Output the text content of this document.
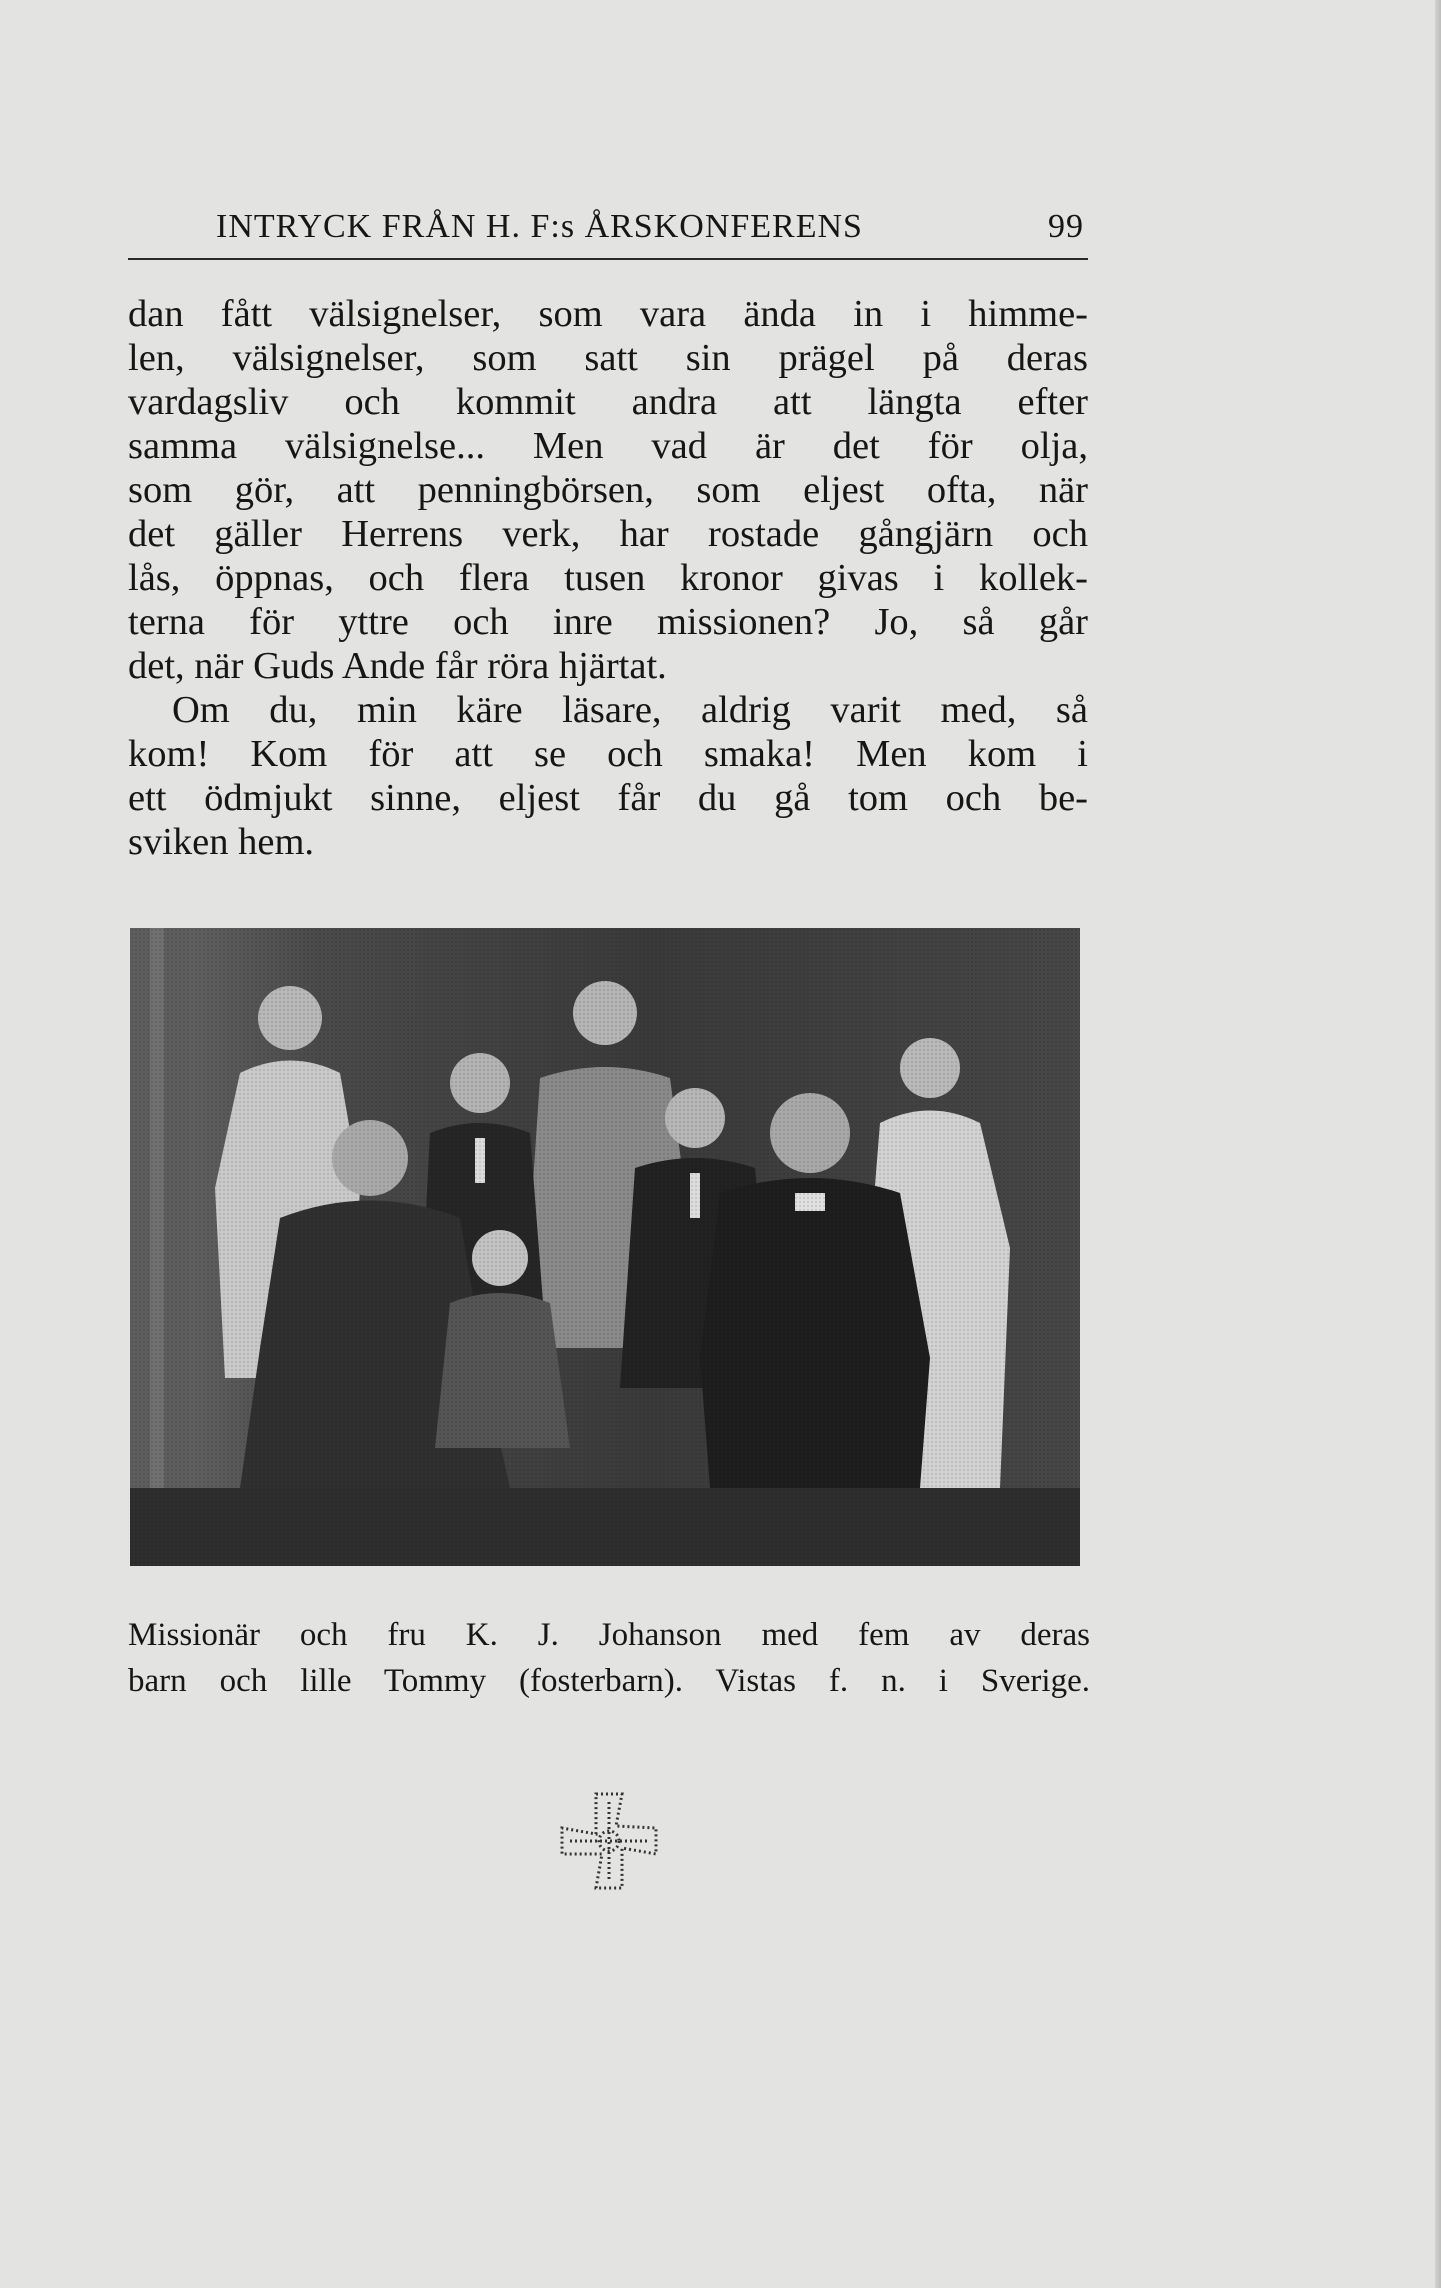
INTRYCK FRÅN H. F:s ÅRSKONFERENS	99
dan fått välsignelser, som vara ända in i himme-
len, välsignelser, som satt sin prägel på deras
vardagsliv och kommit andra att längta efter
samma välsignelse... Men vad är det för olja,
som gör, att penningbörsen, som eljest ofta, när
det gäller Herrens verk, har rostade gångjärn och
lås, öppnas, och flera tusen kronor givas i kollek-
terna för yttre och inre missionen? Jo, så går
det, när Guds Ande får röra hjärtat.
Om du, min käre läsare, aldrig varit med, så
kom! Kom för att se och smaka! Men kom i
ett ödmjukt sinne, eljest får du gå tom och be-
sviken hem.
Missionär och fru K. J. Johanson med fem av deras
barn och lille Tommy (fosterbarn). Vistas f. n. i Sverige.
